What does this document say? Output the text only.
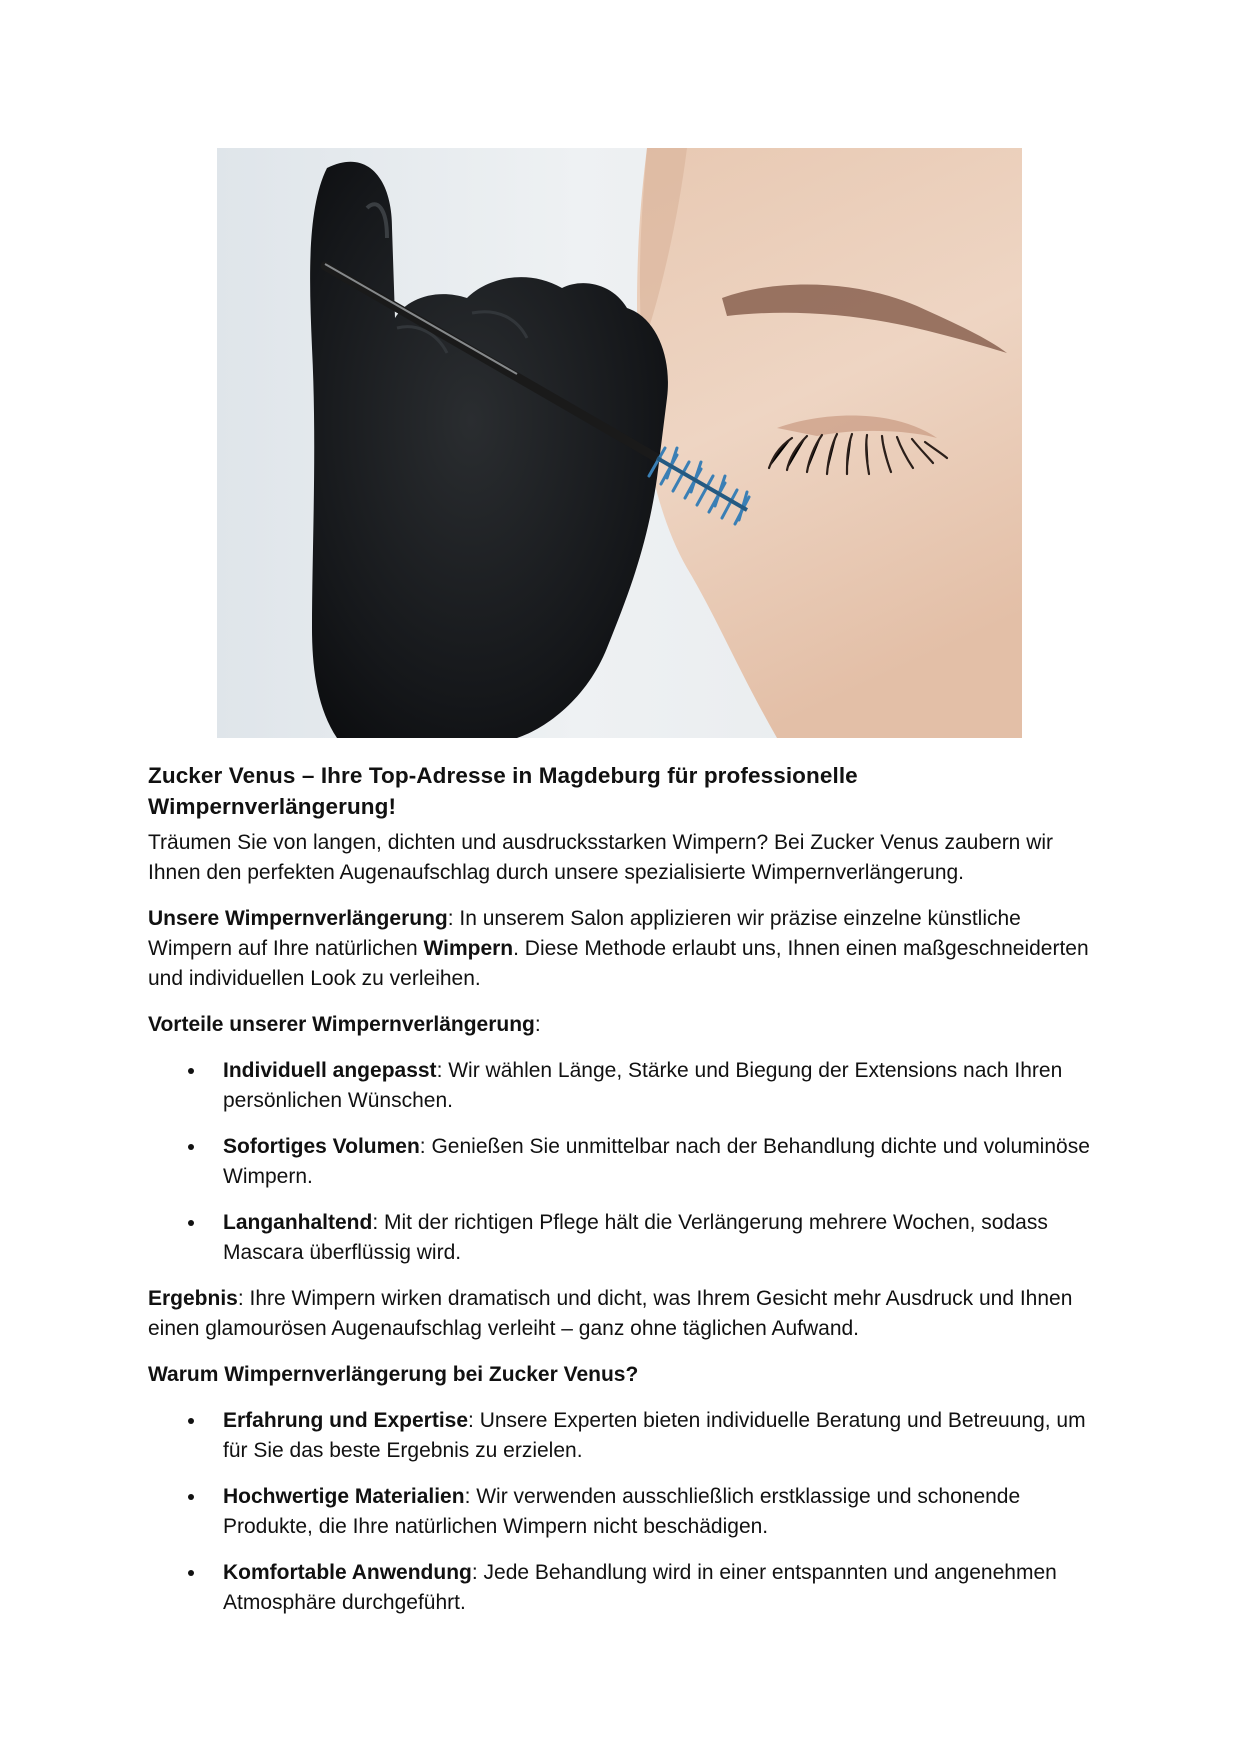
Zucker Venus – Ihre Top-Adresse in Magdeburg für professionelle Wimpernverlängerung!

Träumen Sie von langen, dichten und ausdrucksstarken Wimpern? Bei Zucker Venus zaubern wir Ihnen den perfekten Augenaufschlag durch unsere spezialisierte Wimpernverlängerung.

Unsere Wimpernverlängerung: In unserem Salon applizieren wir präzise einzelne künstliche Wimpern auf Ihre natürlichen Wimpern. Diese Methode erlaubt uns, Ihnen einen maßgeschneiderten und individuellen Look zu verleihen.

Vorteile unserer Wimpernverlängerung:

Individuell angepasst: Wir wählen Länge, Stärke und Biegung der Extensions nach Ihren persönlichen Wünschen.
Sofortiges Volumen: Genießen Sie unmittelbar nach der Behandlung dichte und voluminöse Wimpern.
Langanhaltend: Mit der richtigen Pflege hält die Verlängerung mehrere Wochen, sodass Mascara überflüssig wird.

Ergebnis: Ihre Wimpern wirken dramatisch und dicht, was Ihrem Gesicht mehr Ausdruck und Ihnen einen glamourösen Augenaufschlag verleiht – ganz ohne täglichen Aufwand.

Warum Wimpernverlängerung bei Zucker Venus?

Erfahrung und Expertise: Unsere Experten bieten individuelle Beratung und Betreuung, um für Sie das beste Ergebnis zu erzielen.
Hochwertige Materialien: Wir verwenden ausschließlich erstklassige und schonende Produkte, die Ihre natürlichen Wimpern nicht beschädigen.
Komfortable Anwendung: Jede Behandlung wird in einer entspannten und angenehmen Atmosphäre durchgeführt.
